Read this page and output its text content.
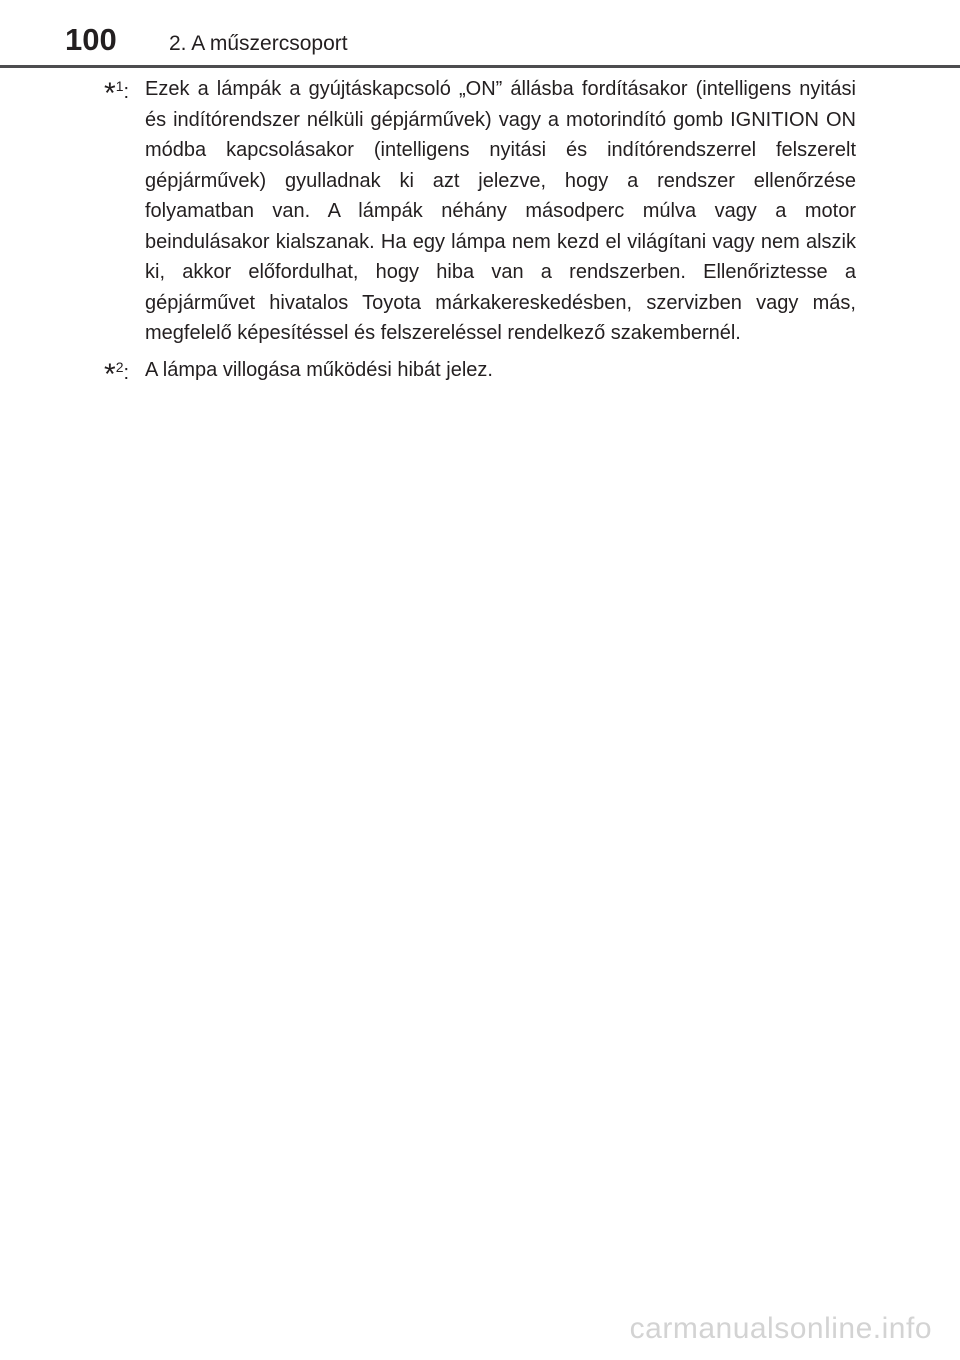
100 2. A műszercsoport
*$^1$: Ezek a lámpák a gyújtáskapcsoló „ON” állásba fordításakor (intelligens nyitási és indítórendszer nélküli gépjárművek) vagy a motorindító gomb IGNITION ON módba kapcsolásakor (intelligens nyitási és indítórendszerrel felszerelt gépjárművek) gyulladnak ki azt jelezve, hogy a rendszer ellenőrzése folyamatban van. A lámpák néhány másodperc múlva vagy a motor beindulásakor kialszanak. Ha egy lámpa nem kezd el világítani vagy nem alszik ki, akkor előfordulhat, hogy hiba van a rendszerben. Ellenőriztesse a gépjárművet hivatalos Toyota márkakereskedésben, szervizben vagy más, megfelelő képesítéssel és felszereléssel rendelkező szakembernél.
*$^2$: A lámpa villogása működési hibát jelez.
carmanualsonline.info
